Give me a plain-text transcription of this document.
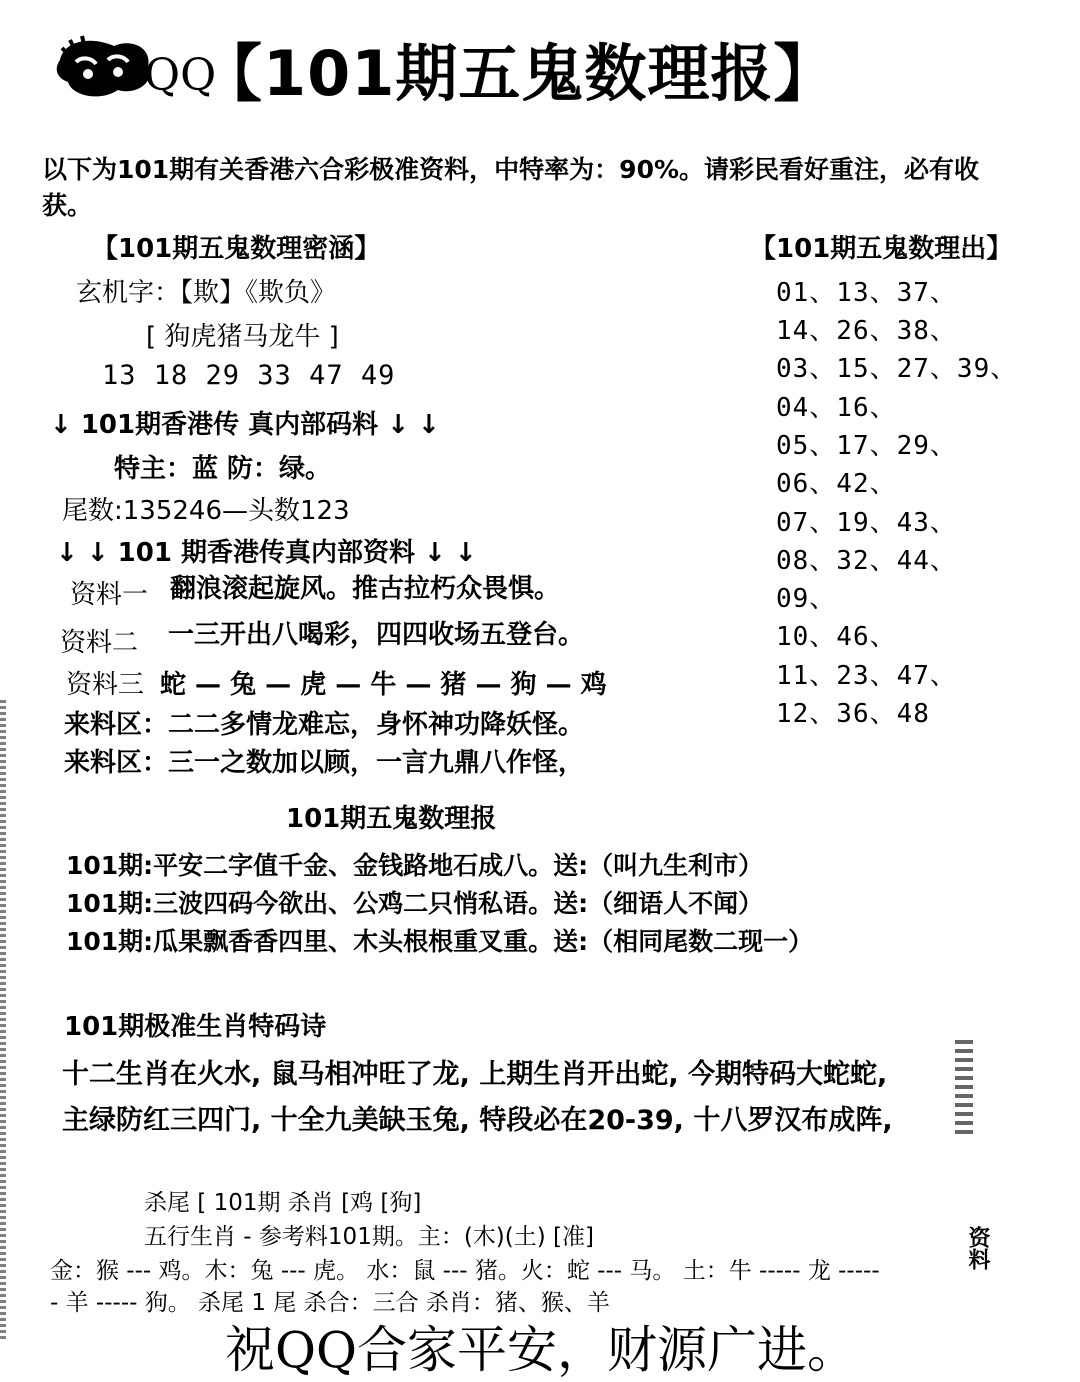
QQ
【101期五鬼数理报】
以下为101期有关香港六合彩极准资料，中特率为：90%。请彩民看好重注，必有收
获。
【101期五鬼数理密涵】
玄机字：【欺】《欺负》
[ 狗虎猪马龙牛 ]
13 18 29 33 47 49
↓ 101期香港传 真内部码料 ↓ ↓
特主：蓝 防：绿。
尾数:135246—头数123
↓ ↓ 101 期香港传真内部资料 ↓ ↓
资料一 翻浪滚起旋风。推古拉朽众畏惧。
资料二 一三开出八喝彩，四四收场五登台。
资料三 蛇 — 兔 — 虎 — 牛 — 猪 — 狗 — 鸡
来料区：二二多情龙难忘，身怀神功降妖怪。
来料区：三一之数加以顾，一言九鼎八作怪，
【101期五鬼数理出】
01、13、37、
14、26、38、
03、15、27、39、
04、16、
05、17、29、
06、42、
07、19、43、
08、32、44、
09、
10、46、
11、23、47、
12、36、48
101期五鬼数理报
101期:平安二字值千金、金钱路地石成八。送:（叫九生利市）
101期:三波四码今欲出、公鸡二只悄私语。送:（细语人不闻）
101期:瓜果飘香香四里、木头根根重叉重。送:（相同尾数二现一）
101期极准生肖特码诗
十二生肖在火水, 鼠马相冲旺了龙, 上期生肖开出蛇, 今期特码大蛇蛇,
主绿防红三四门, 十全九美缺玉兔, 特段必在20-39, 十八罗汉布成阵,
杀尾 [ 101期 杀肖 [鸡 [狗]
五行生肖 - 参考料101期。主：(木)(土) [准]
金：猴 --- 鸡。木：兔 --- 虎。 水：鼠 --- 猪。火：蛇 --- 马。 土：牛 ----- 龙 -----
- 羊 ----- 狗。 杀尾 1 尾 杀合：三合 杀肖：猪、猴、羊
资料
祝QQ合家平安，财源广进。
